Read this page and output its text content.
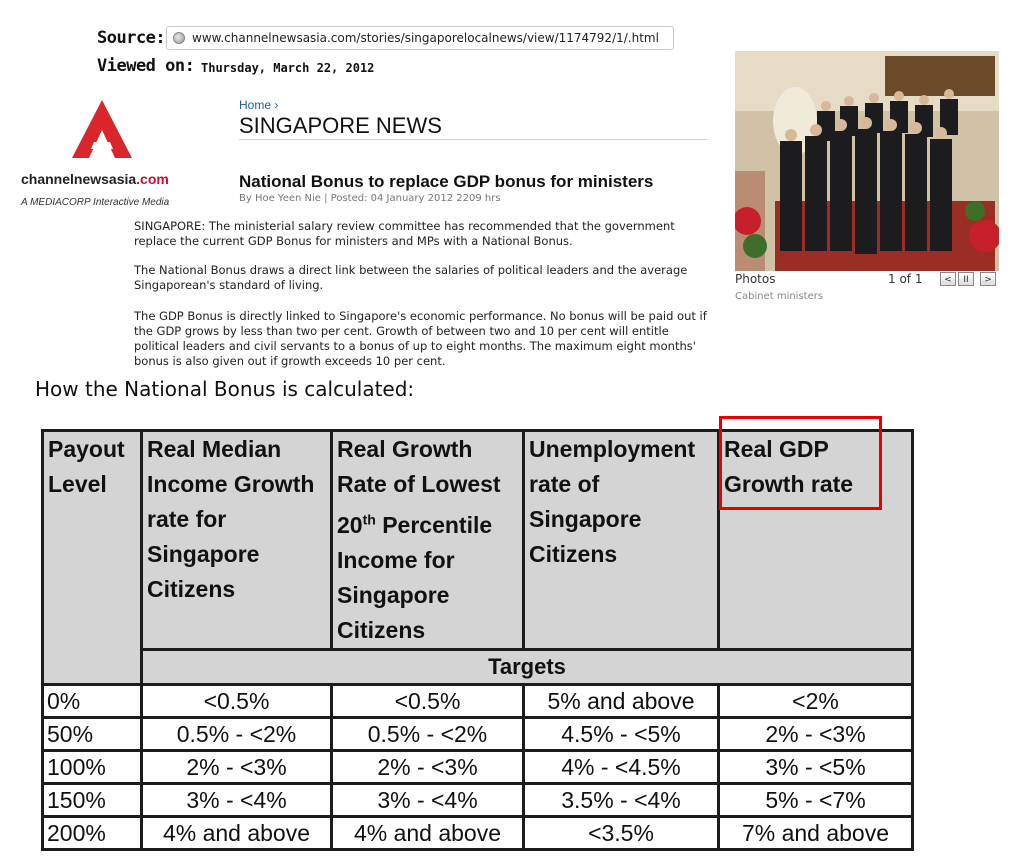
Source: www.channelnewsasia.com/stories/singaporelocalnews/view/1174792/1/.html
Viewed on: Thursday, March 22, 2012
channelnewsasia.com
A MEDIACORP Interactive Media
Home ›
SINGAPORE NEWS
National Bonus to replace GDP bonus for ministers
By Hoe Yeen Nie | Posted: 04 January 2012 2209 hrs
SINGAPORE: The ministerial salary review committee has recommended that the government replace the current GDP Bonus for ministers and MPs with a National Bonus.
The National Bonus draws a direct link between the salaries of political leaders and the average Singaporean's standard of living.
The GDP Bonus is directly linked to Singapore's economic performance. No bonus will be paid out if the GDP grows by less than two per cent. Growth of between two and 10 per cent will entitle political leaders and civil servants to a bonus of up to eight months. The maximum eight months' bonus is also given out if growth exceeds 10 per cent.
Photos	1 of 1	<	II	>
Cabinet ministers
How the National Bonus is calculated:
Payout Level	Real Median Income Growth rate for Singapore Citizens	Real Growth Rate of Lowest 20th Percentile Income for Singapore Citizens	Unemployment rate of Singapore Citizens	Real GDP Growth rate
	Targets			
0%	<0.5%	<0.5%	5% and above	<2%
50%	0.5% - <2%	0.5% - <2%	4.5% - <5%	2% - <3%
100%	2% - <3%	2% - <3%	4% - <4.5%	3% - <5%
150%	3% - <4%	3% - <4%	3.5% - <4%	5% - <7%
200%	4% and above	4% and above	<3.5%	7% and above
